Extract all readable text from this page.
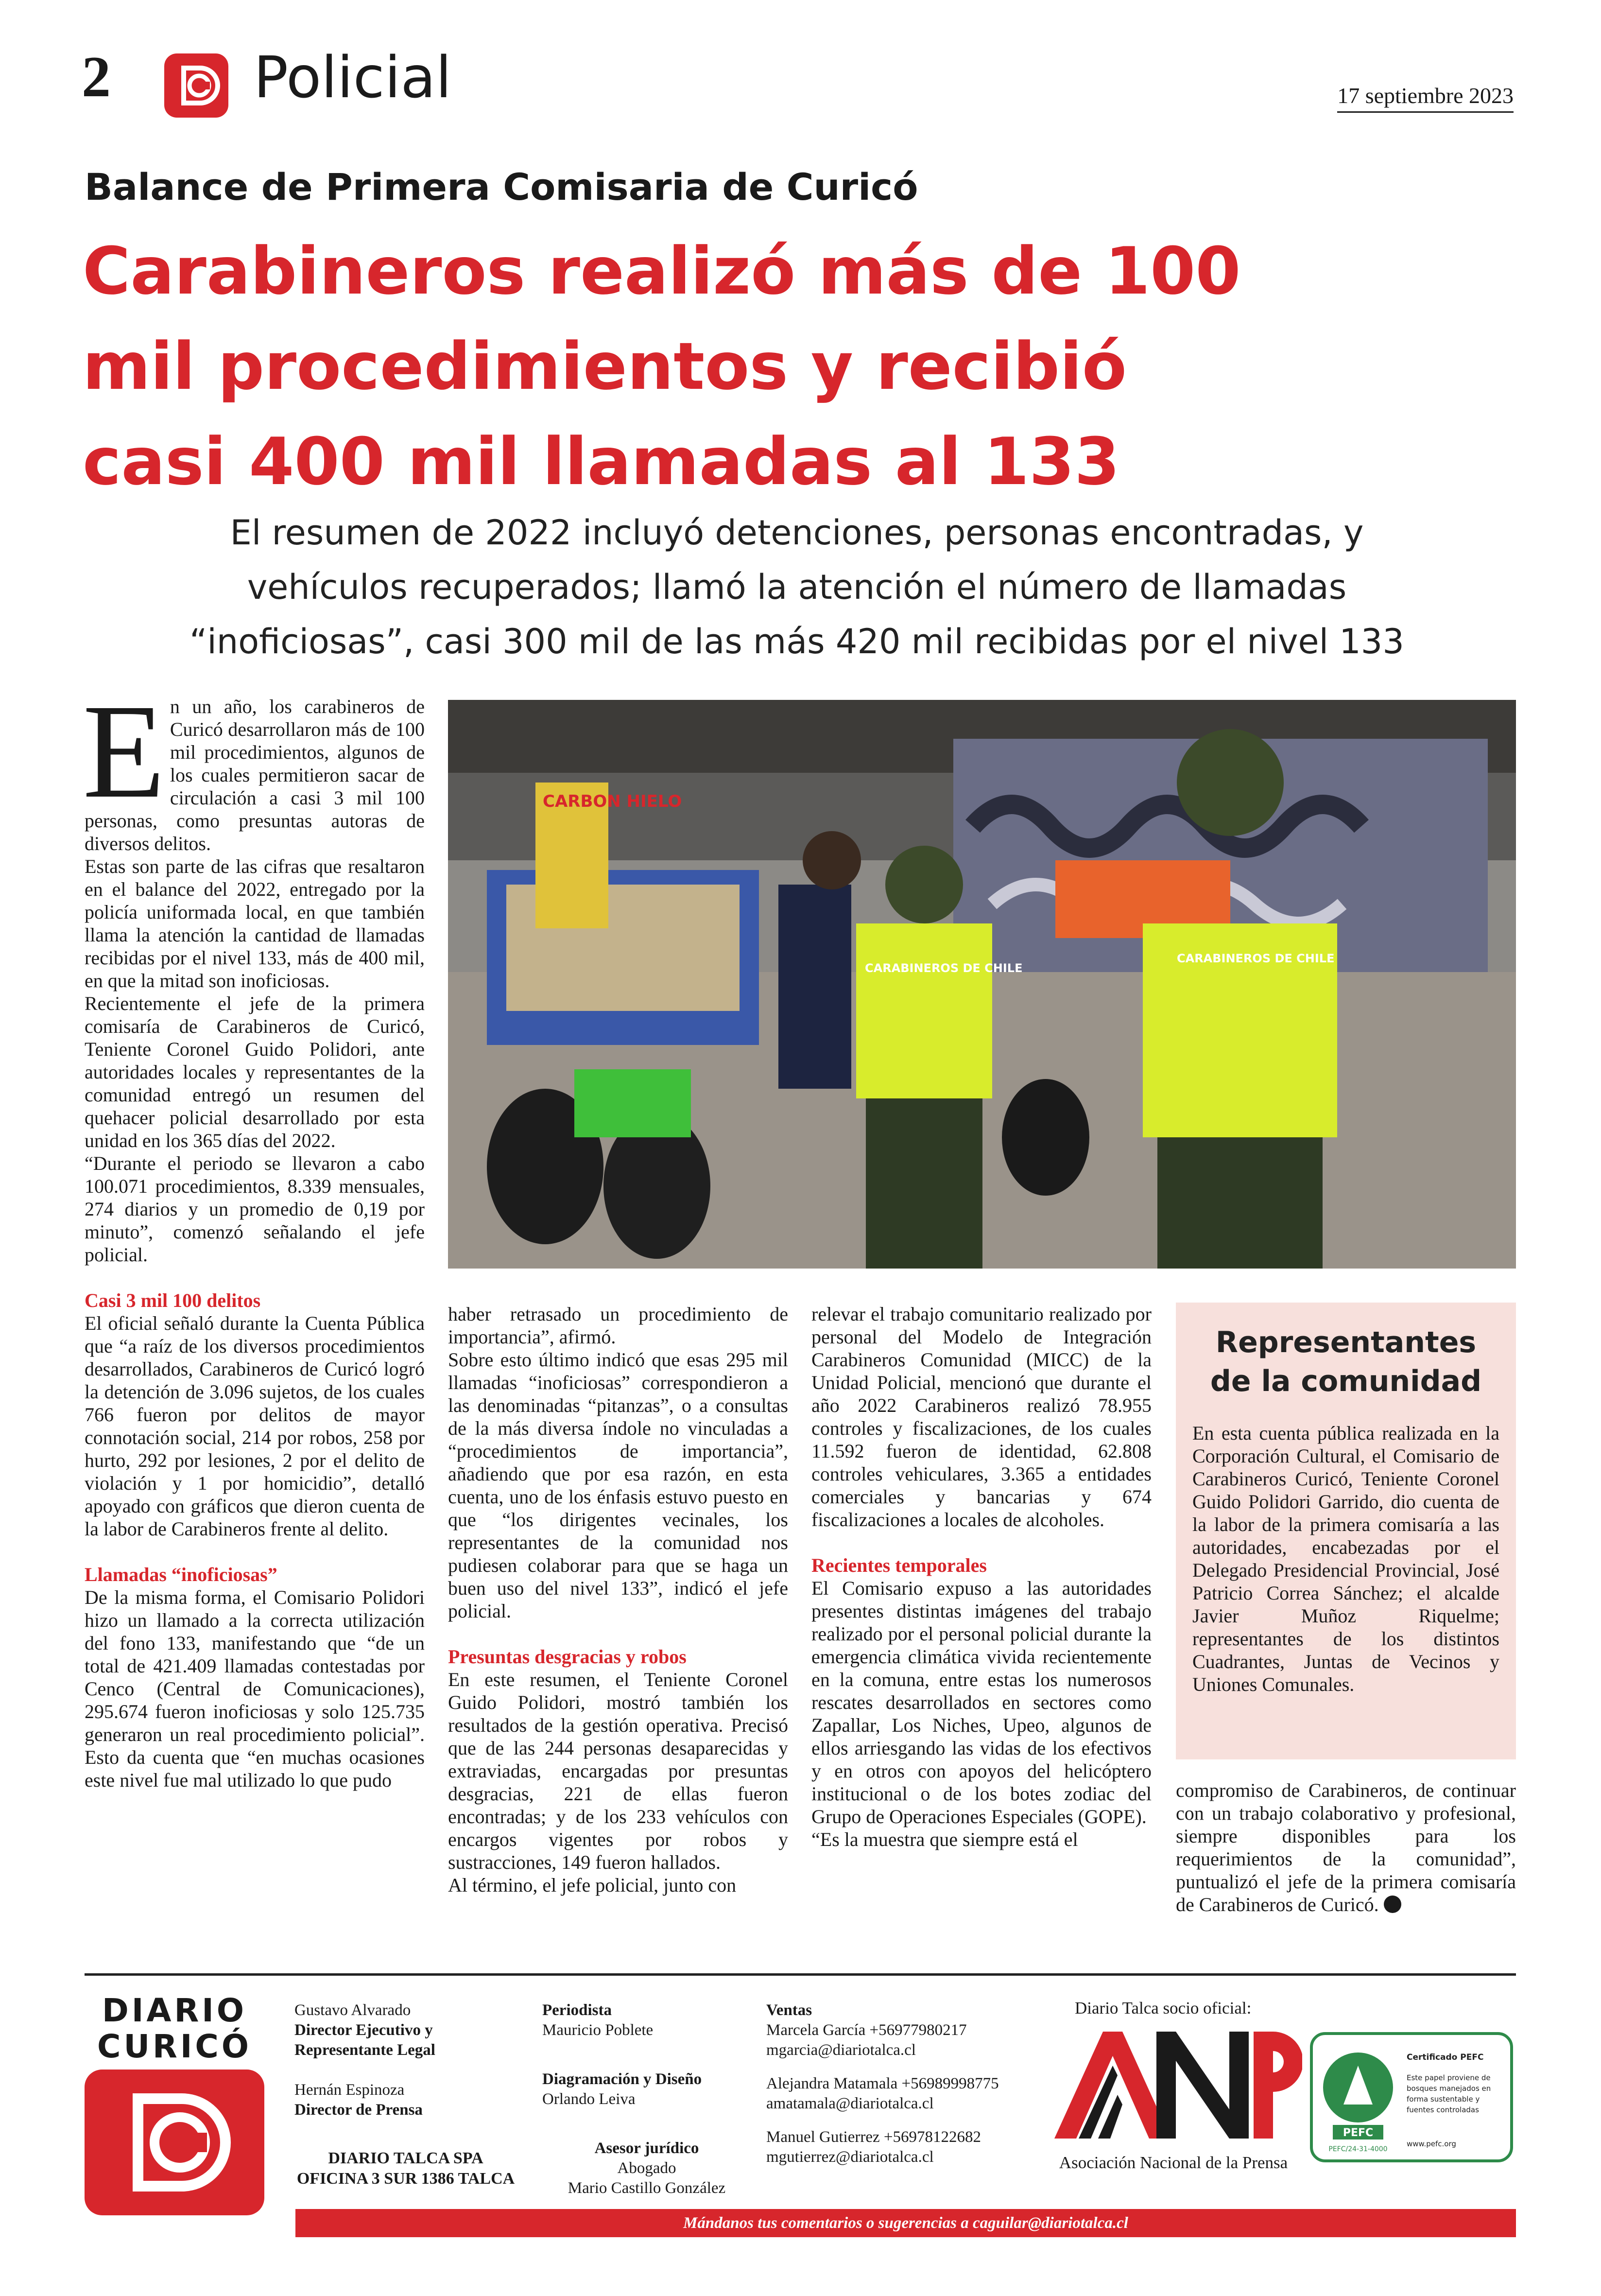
2 Policial	17 septiembre 2023
Balance de Primera Comisaria de Curicó
Carabineros realizó más de 100
mil procedimientos y recibió
casi 400 mil llamadas al 133
El resumen de 2022 incluyó detenciones, personas encontradas, y
vehículos recuperados; llamó la atención el número de llamadas
“inoficiosas”, casi 300 mil de las más 420 mil recibidas por el nivel 133

En un año, los carabineros de Curicó desarrollaron más de 100 mil procedimientos, algunos de los cuales permitieron sacar de circulación a casi 3 mil 100 personas, como presuntas autoras de diversos delitos.

Estas son parte de las cifras que resaltaron en el balance del 2022, entregado por la policía uniformada local, en que también llama la atención la cantidad de llamadas recibidas por el nivel 133, más de 400 mil, en que la mitad son inoficiosas.

Recientemente el jefe de la primera comisaría de Carabineros de Curicó, Teniente Coronel Guido Polidori, ante autoridades locales y representantes de la comunidad entregó un resumen del quehacer policial desarrollado por esta unidad en los 365 días del 2022.

“Durante el periodo se llevaron a cabo 100.071 procedimientos, 8.339 mensuales, 274 diarios y un promedio de 0,19 por minuto”, comenzó señalando el jefe policial.

Casi 3 mil 100 delitos

El oficial señaló durante la Cuenta Pública que “a raíz de los diversos procedimientos desarrollados, Carabineros de Curicó logró la detención de 3.096 sujetos, de los cuales 766 fueron por delitos de mayor connotación social, 214 por robos, 258 por hurto, 292 por lesiones, 2 por el delito de violación y 1 por homicidio”, detalló apoyado con gráficos que dieron cuenta de la labor de Carabineros frente al delito.

Llamadas “inoficiosas”

De la misma forma, el Comisario Polidori hizo un llamado a la correcta utilización del fono 133, manifestando que “de un total de 421.409 llamadas contestadas por Cenco (Central de Comunicaciones), 295.674 fueron inoficiosas y solo 125.735 generaron un real procedimiento policial”. Esto da cuenta que “en muchas ocasiones este nivel fue mal utilizado lo que pudo

CARBON HIELO
CARABINEROS DE CHILE
CARABINEROS DE CHILE

haber retrasado un procedimiento de importancia”, afirmó.

Sobre esto último indicó que esas 295 mil llamadas “inoficiosas” correspondieron a las denominadas “pitanzas”, o a consultas de la más diversa índole no vinculadas a “procedimientos de importancia”, añadiendo que por esa razón, en esta cuenta, uno de los énfasis estuvo puesto en que “los dirigentes vecinales, los representantes de la comunidad nos pudiesen colaborar para que se haga un buen uso del nivel 133”, indicó el jefe policial.

Presuntas desgracias y robos

En este resumen, el Teniente Coronel Guido Polidori, mostró también los resultados de la gestión operativa. Precisó que de las 244 personas desaparecidas y extraviadas, encargadas por presuntas desgracias, 221 de ellas fueron encontradas; y de los 233 vehículos con encargos vigentes por robos y sustracciones, 149 fueron hallados.

Al término, el jefe policial, junto con

relevar el trabajo comunitario realizado por personal del Modelo de Integración Carabineros Comunidad (MICC) de la Unidad Policial, mencionó que durante el año 2022 Carabineros realizó 78.955 controles y fiscalizaciones, de los cuales 11.592 fueron de identidad, 62.808 controles vehiculares, 3.365 a entidades comerciales y bancarias y 674 fiscalizaciones a locales de alcoholes.

Recientes temporales

El Comisario expuso a las autoridades presentes distintas imágenes del trabajo realizado por el personal policial durante la emergencia climática vivida recientemente en la comuna, entre estas los numerosos rescates desarrollados en sectores como Zapallar, Los Niches, Upeo, algunos de ellos arriesgando las vidas de los efectivos y en otros con apoyos del helicóptero institucional o de los botes zodiac del Grupo de Operaciones Especiales (GOPE).

“Es la muestra que siempre está el

Representantes
de la comunidad
En esta cuenta pública realizada en la Corporación Cultural, el Comisario de Carabineros Curicó, Teniente Coronel Guido Polidori Garrido, dio cuenta de la labor de la primera comisaría a las autoridades, encabezadas por el Delegado Presidencial Provincial, José Patricio Correa Sánchez; el alcalde Javier Muñoz Riquelme; representantes de los distintos Cuadrantes, Juntas de Vecinos y Uniones Comunales.

compromiso de Carabineros, de continuar con un trabajo colaborativo y profesional, siempre disponibles para los requerimientos de la comunidad”, puntualizó el jefe de la primera comisaría de Carabineros de Curicó.

DIARIO
CURICÓ
Gustavo Alvarado
Director Ejecutivo y
Representante Legal
Hernán Espinoza
Director de Prensa
Periodista
Mauricio Poblete
Diagramación y Diseño
Orlando Leiva
Asesor jurídico
Abogado
Mario Castillo González
Ventas
Marcela García +56977980217
mgarcia@diariotalca.cl
Alejandra Matamala +56989998775
amatamala@diariotalca.cl
Manuel Gutierrez +56978122682
mgutierrez@diariotalca.cl
DIARIO TALCA SPA
OFICINA 3 SUR 1386 TALCA
Diario Talca socio oficial:
ANP
Asociación Nacional de la Prensa
PEFC
PEFC/24-31-4000
Certificado PEFC
Este papel proviene de bosques manejados en forma sustentable y fuentes controladas
www.pefc.org
Mándanos tus comentarios o sugerencias a caguilar@diariotalca.cl
